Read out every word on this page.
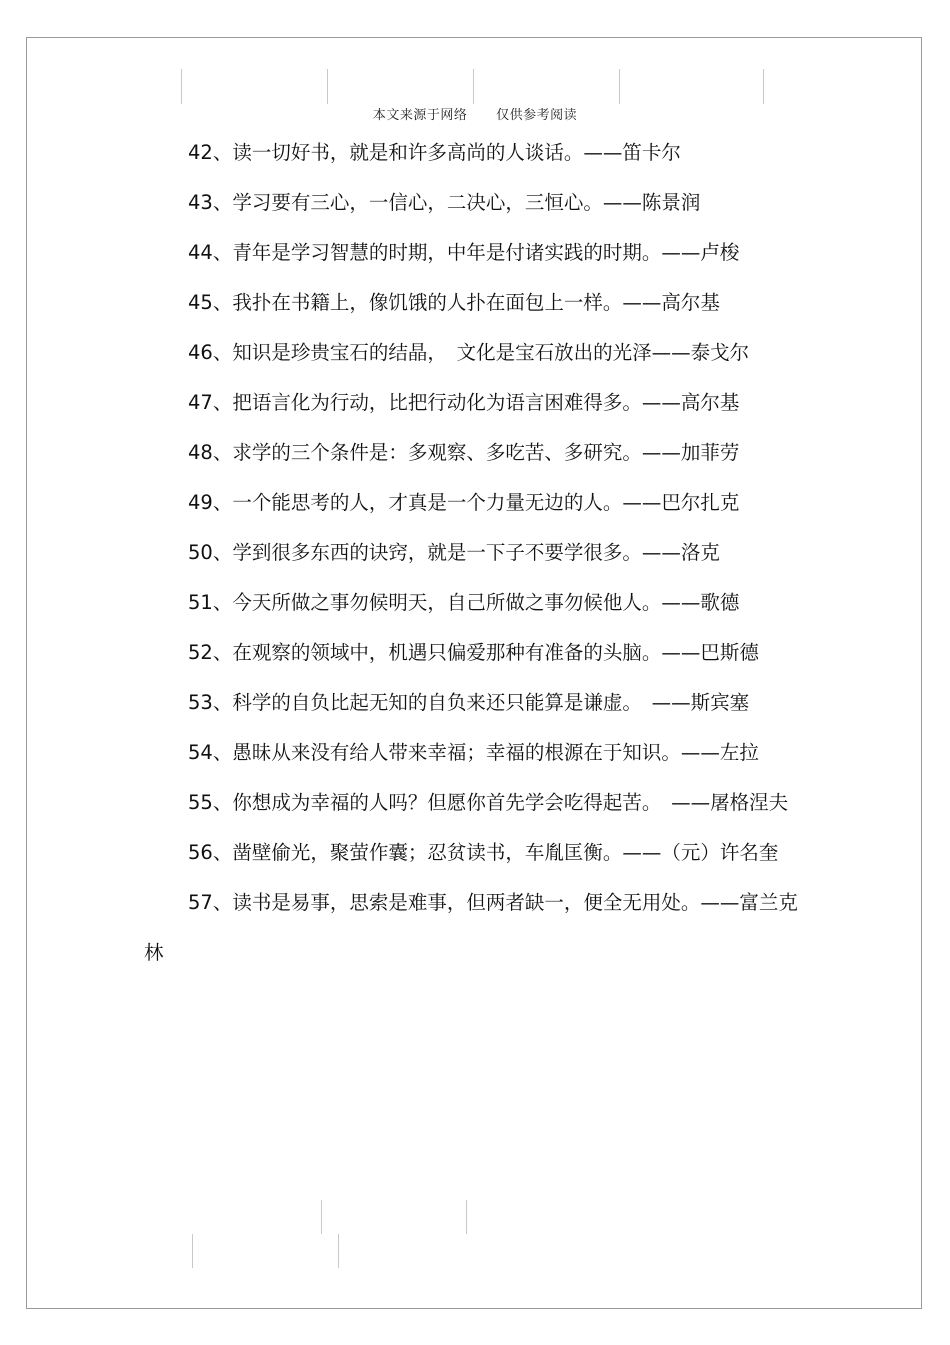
本文来源于网络 仅供参考阅读

42、读一切好书，就是和许多高尚的人谈话。——笛卡尔

43、学习要有三心，一信心，二决心，三恒心。——陈景润

44、青年是学习智慧的时期，中年是付诸实践的时期。——卢梭

45、我扑在书籍上，像饥饿的人扑在面包上一样。——高尔基

46、知识是珍贵宝石的结晶，　文化是宝石放出的光泽——泰戈尔

47、把语言化为行动，比把行动化为语言困难得多。——高尔基

48、求学的三个条件是：多观察、多吃苦、多研究。——加菲劳

49、一个能思考的人，才真是一个力量无边的人。——巴尔扎克

50、学到很多东西的诀窍，就是一下子不要学很多。——洛克

51、今天所做之事勿候明天，自己所做之事勿候他人。——歌德

52、在观察的领域中，机遇只偏爱那种有准备的头脑。——巴斯德

53、科学的自负比起无知的自负来还只能算是谦虚。　——斯宾塞

54、愚昧从来没有给人带来幸福；幸福的根源在于知识。——左拉

55、你想成为幸福的人吗？但愿你首先学会吃得起苦。　——屠格涅夫

56、凿壁偷光，聚萤作囊；忍贫读书，车胤匡衡。——（元）许名奎

57、读书是易事，思索是难事，但两者缺一，便全无用处。——富兰克林
